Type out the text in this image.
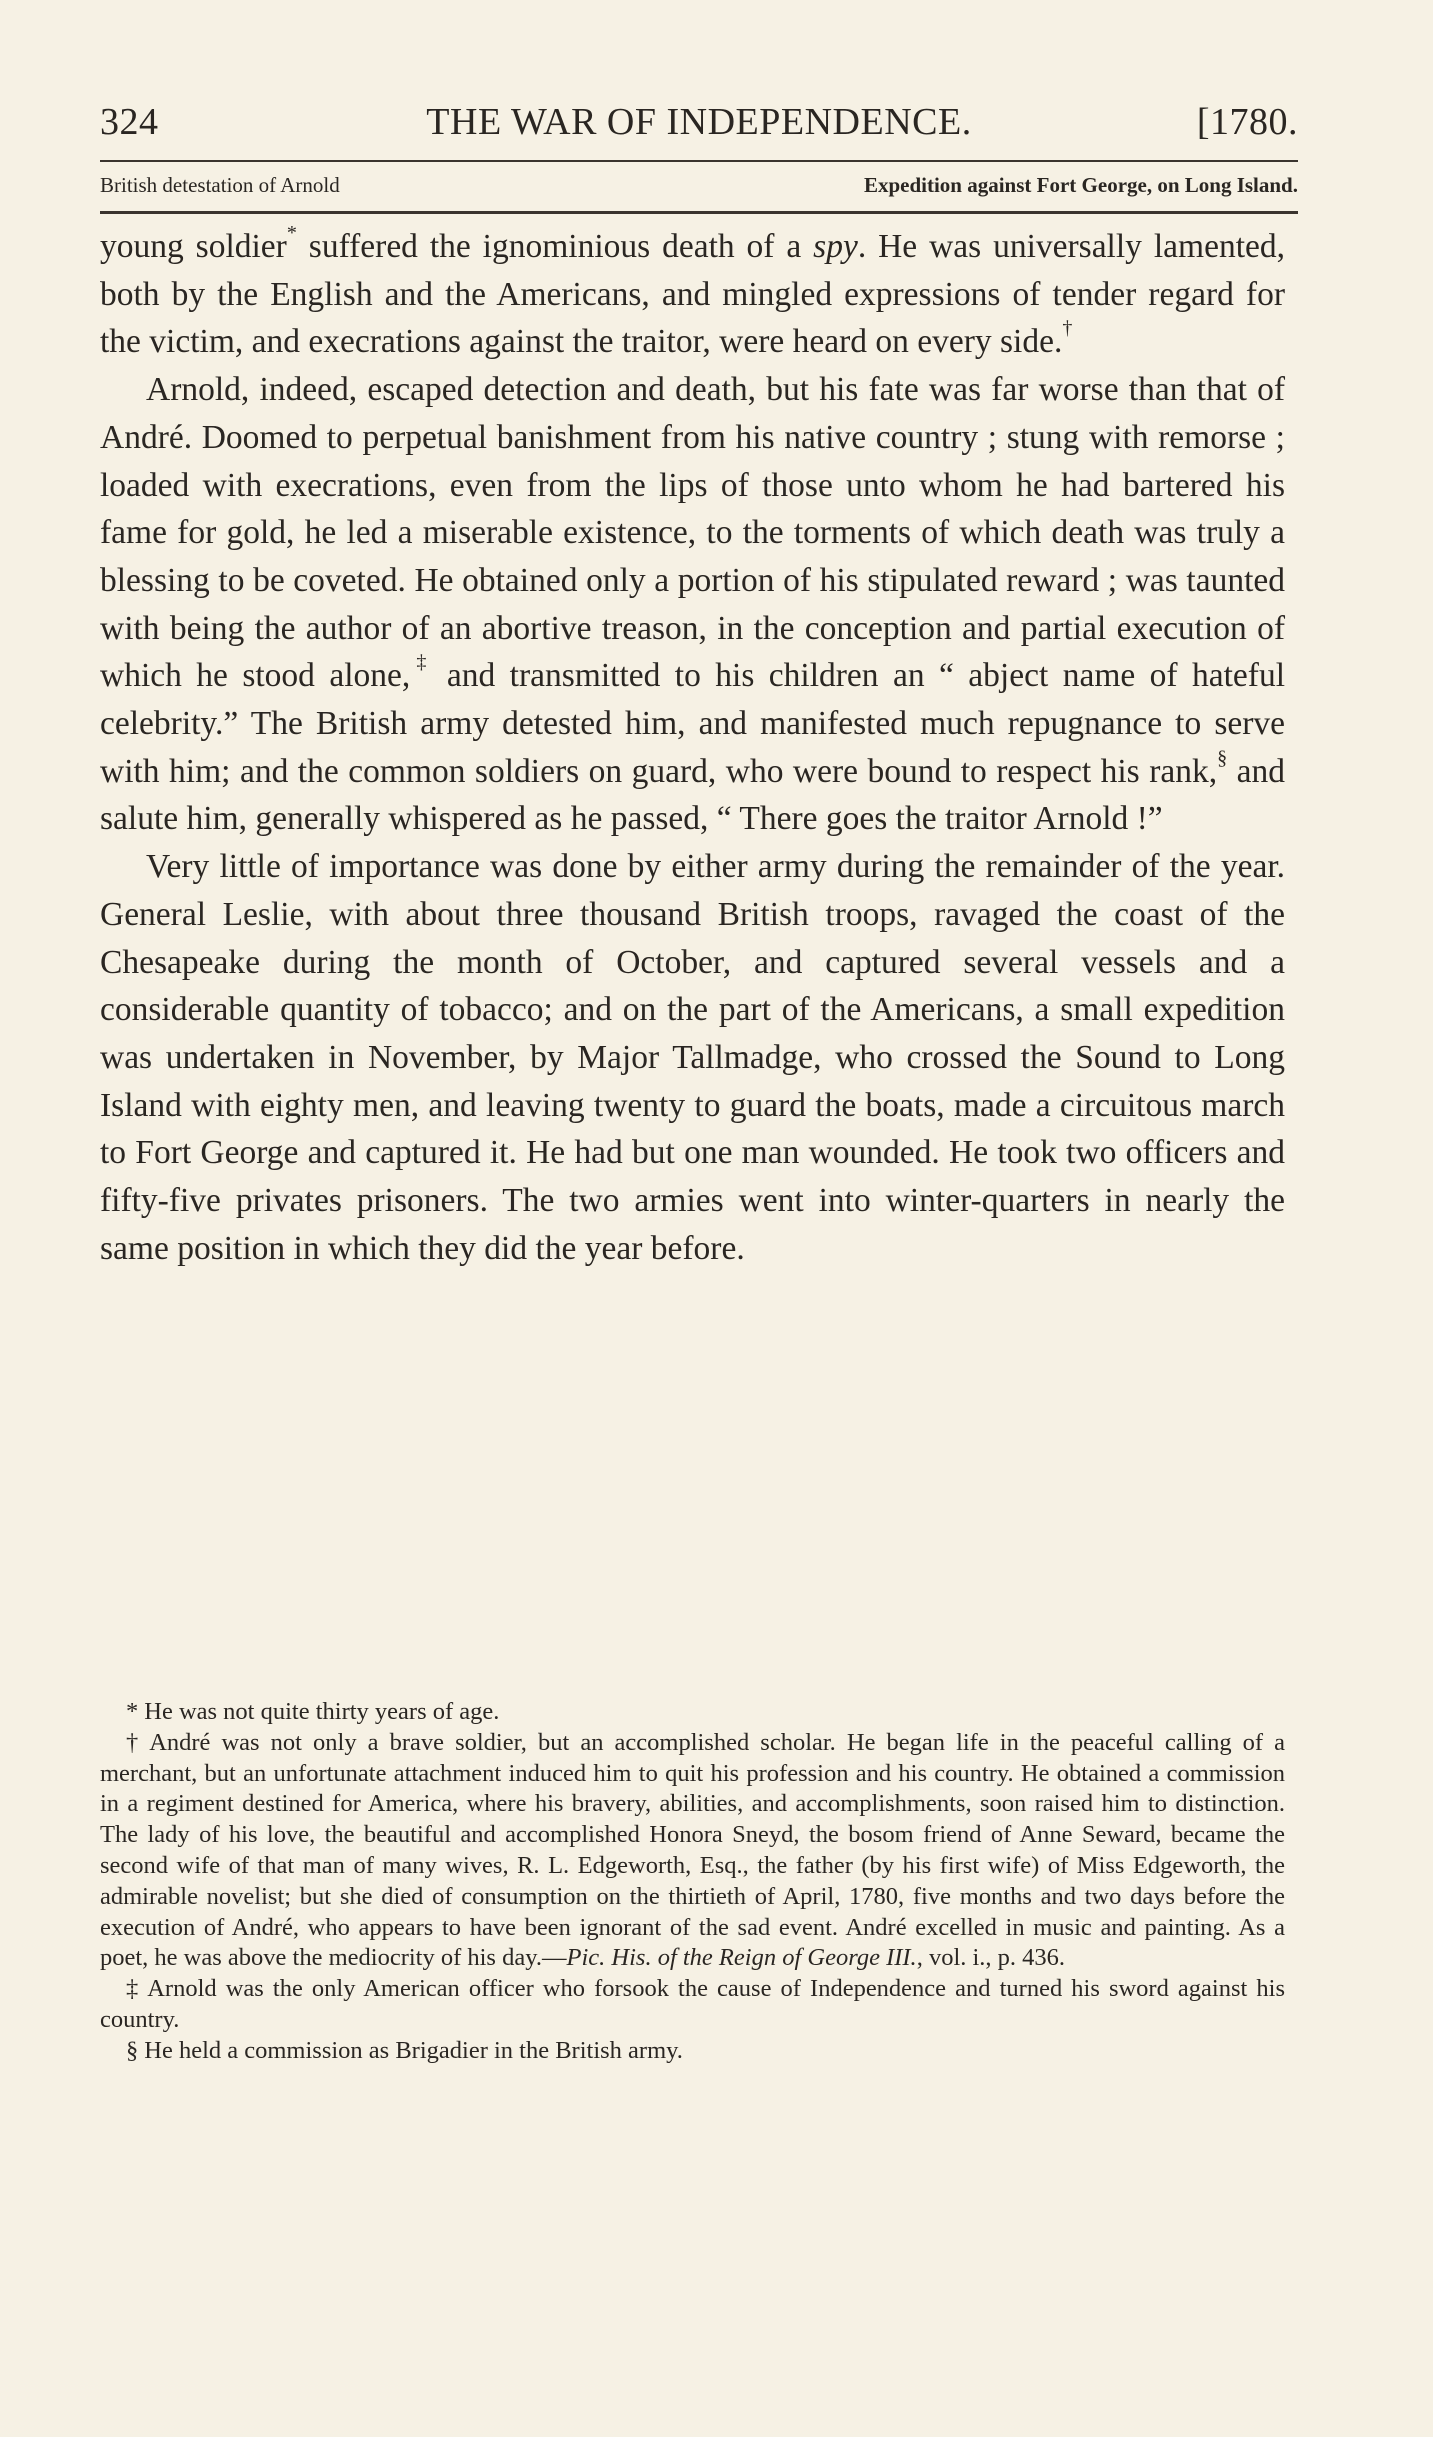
324	THE WAR OF INDEPENDENCE.	[1780.
British detestation of Arnold	Expedition against Fort George, on Long Island.

young soldier* suffered the ignominious death of a spy. He was universally lamented, both by the English and the Americans, and mingled expressions of tender regard for the victim, and execrations against the traitor, were heard on every side.†

Arnold, indeed, escaped detection and death, but his fate was far worse than that of André. Doomed to perpetual banishment from his native country ; stung with remorse ; loaded with execrations, even from the lips of those unto whom he had bartered his fame for gold, he led a miserable existence, to the torments of which death was truly a blessing to be coveted. He obtained only a portion of his stipulated reward ; was taunted with being the author of an abortive treason, in the conception and partial execution of which he stood alone,‡ and transmitted to his children an “ abject name of hateful celebrity.” The British army detested him, and manifested much repugnance to serve with him; and the common soldiers on guard, who were bound to respect his rank,§ and salute him, generally whispered as he passed, “ There goes the traitor Arnold !”

Very little of importance was done by either army during the remainder of the year. General Leslie, with about three thousand British troops, ravaged the coast of the Chesapeake during the month of October, and captured several vessels and a considerable quantity of tobacco; and on the part of the Americans, a small expedition was undertaken in November, by Major Tallmadge, who crossed the Sound to Long Island with eighty men, and leaving twenty to guard the boats, made a circuitous march to Fort George and captured it. He had but one man wounded. He took two officers and fifty-five privates prisoners. The two armies went into winter-quarters in nearly the same position in which they did the year before.

* He was not quite thirty years of age.

† André was not only a brave soldier, but an accomplished scholar. He began life in the peaceful calling of a merchant, but an unfortunate attachment induced him to quit his profession and his country. He obtained a commission in a regiment destined for America, where his bravery, abilities, and accomplishments, soon raised him to distinction. The lady of his love, the beautiful and accomplished Honora Sneyd, the bosom friend of Anne Seward, became the second wife of that man of many wives, R. L. Edgeworth, Esq., the father (by his first wife) of Miss Edgeworth, the admirable novelist; but she died of consumption on the thirtieth of April, 1780, five months and two days before the execution of André, who appears to have been ignorant of the sad event. André excelled in music and painting. As a poet, he was above the mediocrity of his day.—Pic. His. of the Reign of George III., vol. i., p. 436.

‡ Arnold was the only American officer who forsook the cause of Independence and turned his sword against his country.

§ He held a commission as Brigadier in the British army.
